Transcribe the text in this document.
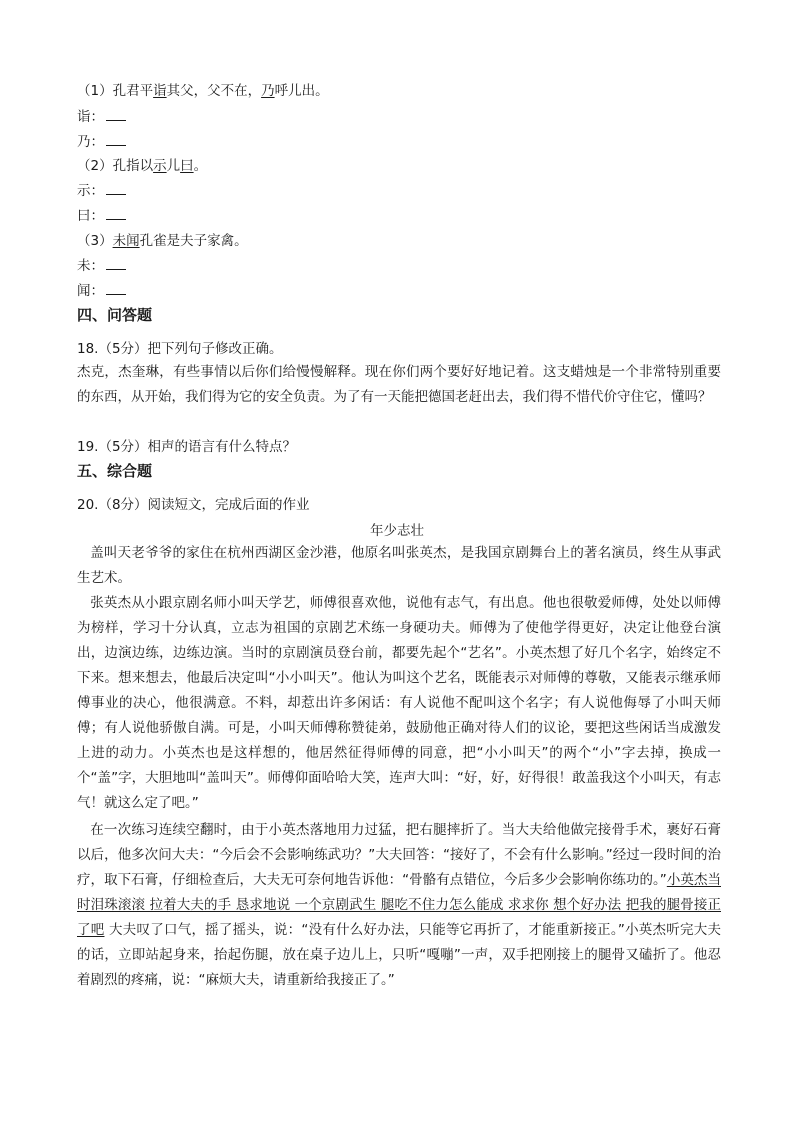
（1）孔君平诣其父，父不在，乃呼儿出。
诣：
乃：
（2）孔指以示儿曰。
示：
曰：
（3）未闻孔雀是夫子家禽。
未：
闻：
四、问答题
18.（5分）把下列句子修改正确。
杰克，杰奎琳，有些事情以后你们给慢慢解释。现在你们两个要好好地记着。这支蜡烛是一个非常特别重要的东西，从开始，我们得为它的安全负责。为了有一天能把德国老赶出去，我们得不惜代价守住它，懂吗？
19.（5分）相声的语言有什么特点？
五、综合题
20.（8分）阅读短文，完成后面的作业
年少志壮
盖叫天老爷爷的家住在杭州西湖区金沙港，他原名叫张英杰，是我国京剧舞台上的著名演员，终生从事武生艺术。
张英杰从小跟京剧名师小叫天学艺，师傅很喜欢他，说他有志气，有出息。他也很敬爱师傅，处处以师傅为榜样，学习十分认真，立志为祖国的京剧艺术练一身硬功夫。师傅为了使他学得更好，决定让他登台演出，边演边练，边练边演。当时的京剧演员登台前，都要先起个“艺名”。小英杰想了好几个名字，始终定不下来。想来想去，他最后决定叫“小小叫天”。他认为叫这个艺名，既能表示对师傅的尊敬，又能表示继承师傅事业的决心，他很满意。不料，却惹出许多闲话：有人说他不配叫这个名字；有人说他侮辱了小叫天师傅；有人说他骄傲自满。可是，小叫天师傅称赞徒弟，鼓励他正确对待人们的议论，要把这些闲话当成激发上进的动力。小英杰也是这样想的，他居然征得师傅的同意，把“小小叫天”的两个“小”字去掉，换成一个“盖”字，大胆地叫“盖叫天”。师傅仰面哈哈大笑，连声大叫：“好，好，好得很！敢盖我这个小叫天，有志气！就这么定了吧。”
在一次练习连续空翻时，由于小英杰落地用力过猛，把右腿摔折了。当大夫给他做完接骨手术，裹好石膏以后，他多次问大夫：“今后会不会影响练武功？”大夫回答：“接好了，不会有什么影响。”经过一段时间的治疗，取下石膏，仔细检查后，大夫无可奈何地告诉他：“骨骼有点错位，今后多少会影响你练功的。”小英杰当时泪珠滚滚 拉着大夫的手 恳求地说 一个京剧武生 腿吃不住力怎么能成 求求你 想个好办法 把我的腿骨接正了吧 大夫叹了口气，摇了摇头，说：“没有什么好办法，只能等它再折了，才能重新接正。”小英杰听完大夫的话，立即站起身来，抬起伤腿，放在桌子边儿上，只听“嘎嘣”一声，双手把刚接上的腿骨又磕折了。他忍着剧烈的疼痛，说：“麻烦大夫，请重新给我接正了。”
